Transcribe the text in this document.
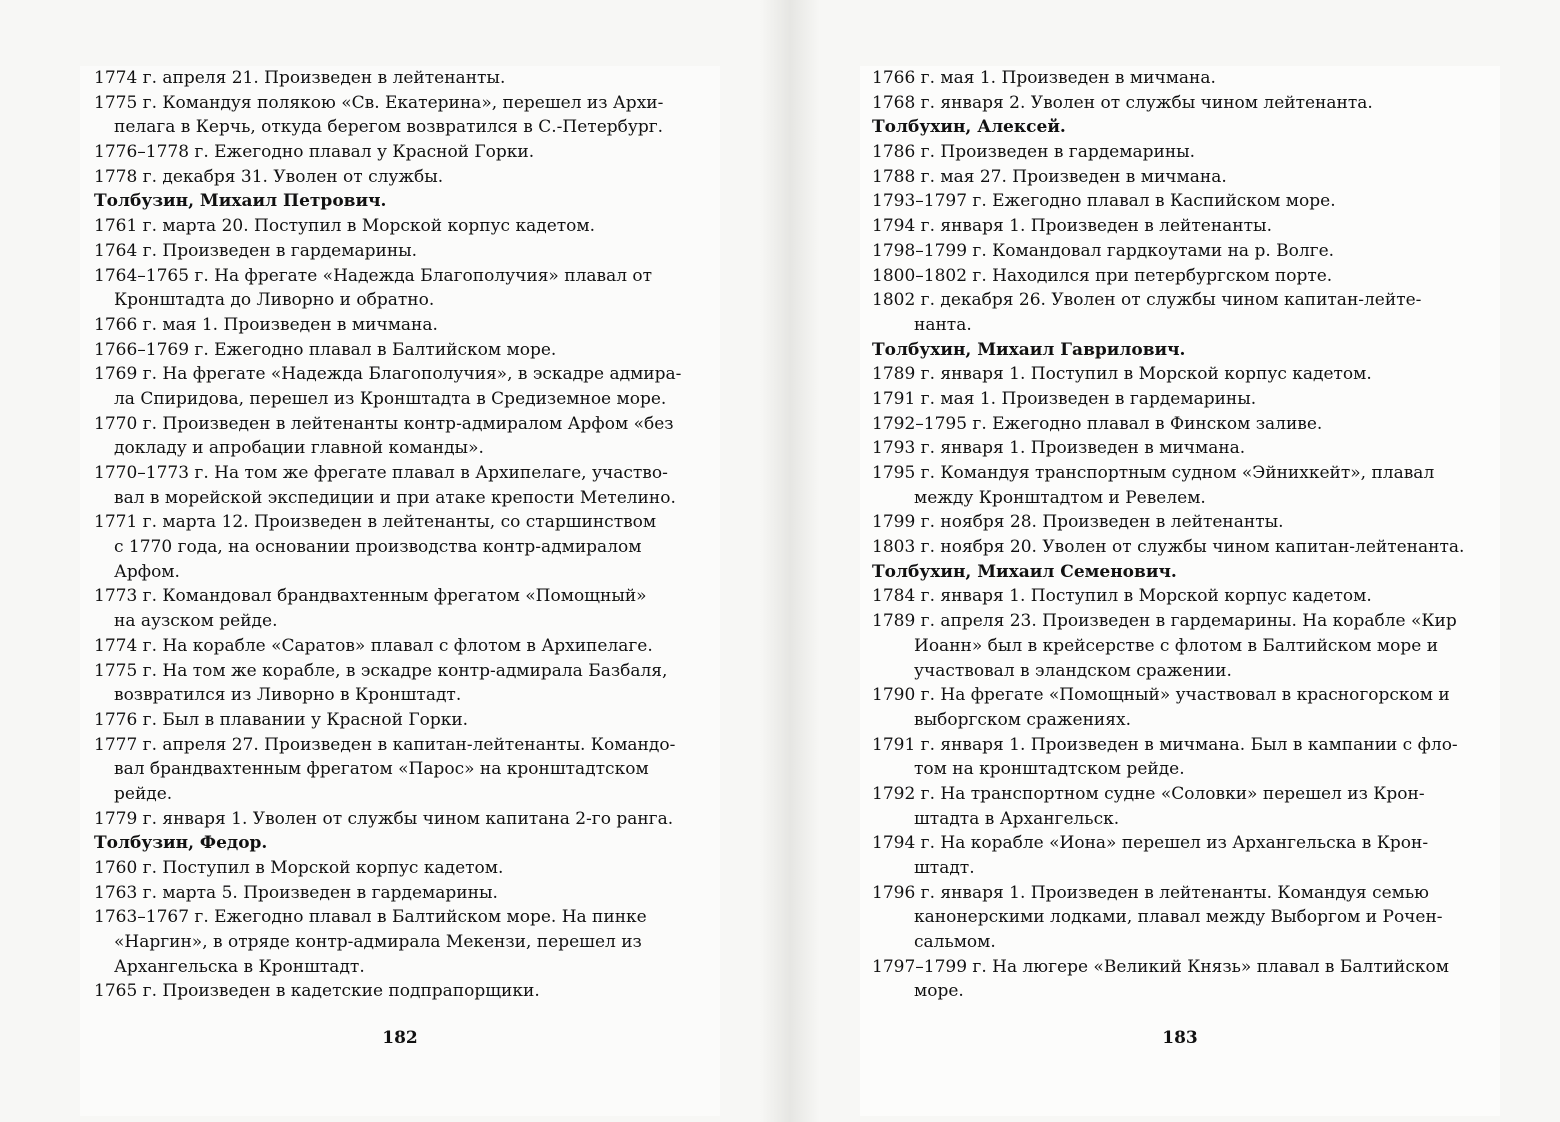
1774 г. апреля 21. Произведен в лейтенанты.
1775 г. Командуя полякою «Св. Екатерина», перешел из Архи-
пелага в Керчь, откуда берегом возвратился в С.-Петербург.
1776–1778 г. Ежегодно плавал у Красной Горки.
1778 г. декабря 31. Уволен от службы.
Толбузин, Михаил Петрович.
1761 г. марта 20. Поступил в Морской корпус кадетом.
1764 г. Произведен в гардемарины.
1764–1765 г. На фрегате «Надежда Благополучия» плавал от
Кронштадта до Ливорно и обратно.
1766 г. мая 1. Произведен в мичмана.
1766–1769 г. Ежегодно плавал в Балтийском море.
1769 г. На фрегате «Надежда Благополучия», в эскадре адмира-
ла Спиридова, перешел из Кронштадта в Средиземное море.
1770 г. Произведен в лейтенанты контр-адмиралом Арфом «без
докладу и апробации главной команды».
1770–1773 г. На том же фрегате плавал в Архипелаге, участво-
вал в морейской экспедиции и при атаке крепости Метелино.
1771 г. марта 12. Произведен в лейтенанты, со старшинством
с 1770 года, на основании производства контр-адмиралом
Арфом.
1773 г. Командовал брандвахтенным фрегатом «Помощный»
на аузском рейде.
1774 г. На корабле «Саратов» плавал с флотом в Архипелаге.
1775 г. На том же корабле, в эскадре контр-адмирала Базбаля,
возвратился из Ливорно в Кронштадт.
1776 г. Был в плавании у Красной Горки.
1777 г. апреля 27. Произведен в капитан-лейтенанты. Командо-
вал брандвахтенным фрегатом «Парос» на кронштадтском
рейде.
1779 г. января 1. Уволен от службы чином капитана 2-го ранга.
Толбузин, Федор.
1760 г. Поступил в Морской корпус кадетом.
1763 г. марта 5. Произведен в гардемарины.
1763–1767 г. Ежегодно плавал в Балтийском море. На пинке
«Наргин», в отряде контр-адмирала Мекензи, перешел из
Архангельска в Кронштадт.
1765 г. Произведен в кадетские подпрапорщики.
182
1766 г. мая 1. Произведен в мичмана.
1768 г. января 2. Уволен от службы чином лейтенанта.
Толбухин, Алексей.
1786 г. Произведен в гардемарины.
1788 г. мая 27. Произведен в мичмана.
1793–1797 г. Ежегодно плавал в Каспийском море.
1794 г. января 1. Произведен в лейтенанты.
1798–1799 г. Командовал гардкоутами на р. Волге.
1800–1802 г. Находился при петербургском порте.
1802 г. декабря 26. Уволен от службы чином капитан-лейте-
нанта.
Толбухин, Михаил Гаврилович.
1789 г. января 1. Поступил в Морской корпус кадетом.
1791 г. мая 1. Произведен в гардемарины.
1792–1795 г. Ежегодно плавал в Финском заливе.
1793 г. января 1. Произведен в мичмана.
1795 г. Командуя транспортным судном «Эйнихкейт», плавал
между Кронштадтом и Ревелем.
1799 г. ноября 28. Произведен в лейтенанты.
1803 г. ноября 20. Уволен от службы чином капитан-лейтенанта.
Толбухин, Михаил Семенович.
1784 г. января 1. Поступил в Морской корпус кадетом.
1789 г. апреля 23. Произведен в гардемарины. На корабле «Кир
Иоанн» был в крейсерстве с флотом в Балтийском море и
участвовал в эландском сражении.
1790 г. На фрегате «Помощный» участвовал в красногорском и
выборгском сражениях.
1791 г. января 1. Произведен в мичмана. Был в кампании с фло-
том на кронштадтском рейде.
1792 г. На транспортном судне «Соловки» перешел из Крон-
штадта в Архангельск.
1794 г. На корабле «Иона» перешел из Архангельска в Крон-
штадт.
1796 г. января 1. Произведен в лейтенанты. Командуя семью
канонерскими лодками, плавал между Выборгом и Рочен-
сальмом.
1797–1799 г. На люгере «Великий Князь» плавал в Балтийском
море.
183
